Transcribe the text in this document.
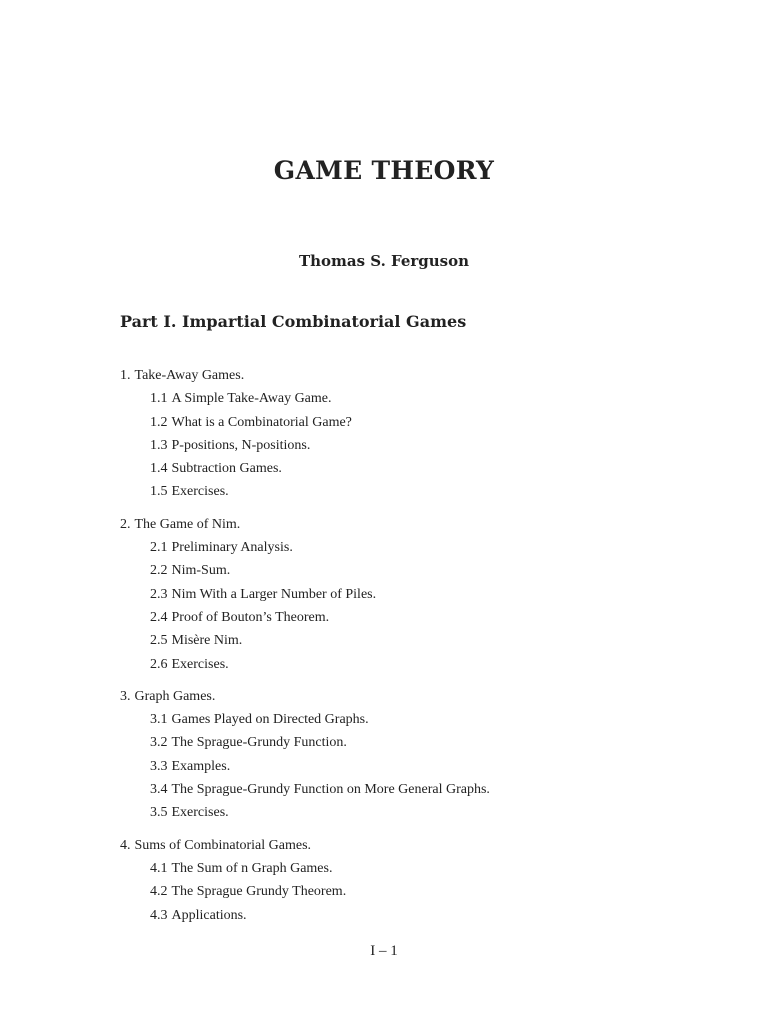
GAME THEORY
Thomas S. Ferguson
Part I. Impartial Combinatorial Games
1. Take-Away Games.
1.1 A Simple Take-Away Game.
1.2 What is a Combinatorial Game?
1.3 P-positions, N-positions.
1.4 Subtraction Games.
1.5 Exercises.
2. The Game of Nim.
2.1 Preliminary Analysis.
2.2 Nim-Sum.
2.3 Nim With a Larger Number of Piles.
2.4 Proof of Bouton’s Theorem.
2.5 Misère Nim.
2.6 Exercises.
3. Graph Games.
3.1 Games Played on Directed Graphs.
3.2 The Sprague-Grundy Function.
3.3 Examples.
3.4 The Sprague-Grundy Function on More General Graphs.
3.5 Exercises.
4. Sums of Combinatorial Games.
4.1 The Sum of n Graph Games.
4.2 The Sprague Grundy Theorem.
4.3 Applications.
I – 1
